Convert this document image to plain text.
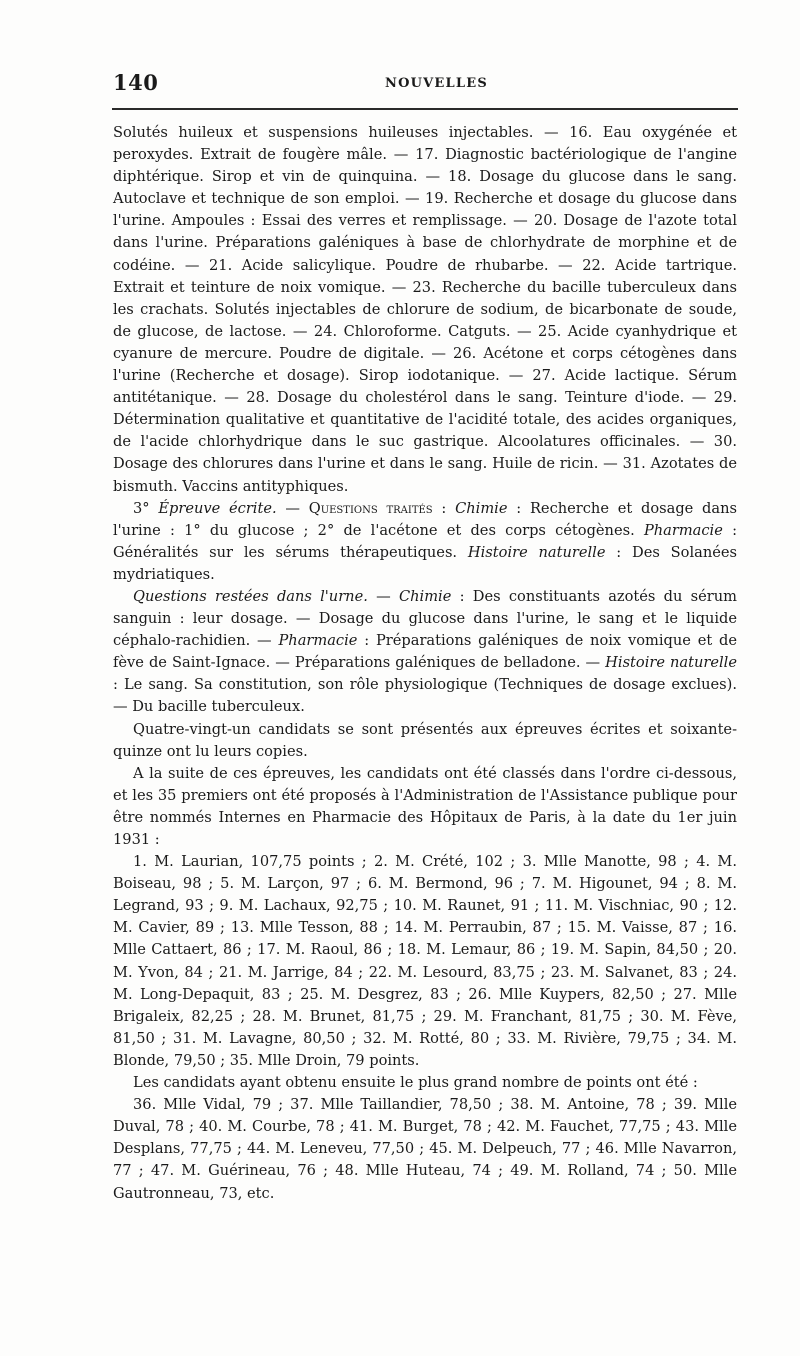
140	NOUVELLES

Solutés huileux et suspensions huileuses injectables. — 16. Eau oxygénée et peroxydes. Extrait de fougère mâle. — 17. Diagnostic bactériologique de l'angine diphtérique. Sirop et vin de quinquina. — 18. Dosage du glucose dans le sang. Autoclave et technique de son emploi. — 19. Recherche et dosage du glucose dans l'urine. Ampoules : Essai des verres et remplissage. — 20. Dosage de l'azote total dans l'urine. Préparations galéniques à base de chlorhydrate de morphine et de codéine. — 21. Acide salicylique. Poudre de rhubarbe. — 22. Acide tartrique. Extrait et teinture de noix vomique. — 23. Recherche du bacille tuberculeux dans les crachats. Solutés injectables de chlorure de sodium, de bicarbonate de soude, de glucose, de lactose. — 24. Chloroforme. Catguts. — 25. Acide cyanhydrique et cyanure de mercure. Poudre de digitale. — 26. Acétone et corps cétogènes dans l'urine (Recherche et dosage). Sirop iodotanique. — 27. Acide lactique. Sérum antitétanique. — 28. Dosage du cholestérol dans le sang. Teinture d'iode. — 29. Détermination qualitative et quantitative de l'acidité totale, des acides organiques, de l'acide chlorhydrique dans le suc gastrique. Alcoolatures officinales. — 30. Dosage des chlorures dans l'urine et dans le sang. Huile de ricin. — 31. Azotates de bismuth. Vaccins antityphiques.

3° Épreuve écrite. — Questions traités : Chimie : Recherche et dosage dans l'urine : 1° du glucose ; 2° de l'acétone et des corps cétogènes. Pharmacie : Généralités sur les sérums thérapeutiques. Histoire naturelle : Des Solanées mydriatiques.

Questions restées dans l'urne. — Chimie : Des constituants azotés du sérum sanguin : leur dosage. — Dosage du glucose dans l'urine, le sang et le liquide céphalo-rachidien. — Pharmacie : Préparations galéniques de noix vomique et de fève de Saint-Ignace. — Préparations galéniques de belladone. — Histoire naturelle : Le sang. Sa constitution, son rôle physiologique (Techniques de dosage exclues). — Du bacille tuberculeux.

Quatre-vingt-un candidats se sont présentés aux épreuves écrites et soixante-quinze ont lu leurs copies.

A la suite de ces épreuves, les candidats ont été classés dans l'ordre ci-dessous, et les 35 premiers ont été proposés à l'Administration de l'Assistance publique pour être nommés Internes en Pharmacie des Hôpitaux de Paris, à la date du 1er juin 1931 :

1. M. Laurian, 107,75 points ; 2. M. Crété, 102 ; 3. Mlle Manotte, 98 ; 4. M. Boiseau, 98 ; 5. M. Larçon, 97 ; 6. M. Bermond, 96 ; 7. M. Higounet, 94 ; 8. M. Legrand, 93 ; 9. M. Lachaux, 92,75 ; 10. M. Raunet, 91 ; 11. M. Vischniac, 90 ; 12. M. Cavier, 89 ; 13. Mlle Tesson, 88 ; 14. M. Perraubin, 87 ; 15. M. Vaisse, 87 ; 16. Mlle Cattaert, 86 ; 17. M. Raoul, 86 ; 18. M. Lemaur, 86 ; 19. M. Sapin, 84,50 ; 20. M. Yvon, 84 ; 21. M. Jarrige, 84 ; 22. M. Lesourd, 83,75 ; 23. M. Salvanet, 83 ; 24. M. Long-Depaquit, 83 ; 25. M. Desgrez, 83 ; 26. Mlle Kuypers, 82,50 ; 27. Mlle Brigaleix, 82,25 ; 28. M. Brunet, 81,75 ; 29. M. Franchant, 81,75 ; 30. M. Fève, 81,50 ; 31. M. Lavagne, 80,50 ; 32. M. Rotté, 80 ; 33. M. Rivière, 79,75 ; 34. M. Blonde, 79,50 ; 35. Mlle Droin, 79 points.

Les candidats ayant obtenu ensuite le plus grand nombre de points ont été :

36. Mlle Vidal, 79 ; 37. Mlle Taillandier, 78,50 ; 38. M. Antoine, 78 ; 39. Mlle Duval, 78 ; 40. M. Courbe, 78 ; 41. M. Burget, 78 ; 42. M. Fauchet, 77,75 ; 43. Mlle Desplans, 77,75 ; 44. M. Leneveu, 77,50 ; 45. M. Delpeuch, 77 ; 46. Mlle Navarron, 77 ; 47. M. Guérineau, 76 ; 48. Mlle Huteau, 74 ; 49. M. Rolland, 74 ; 50. Mlle Gautronneau, 73, etc.
